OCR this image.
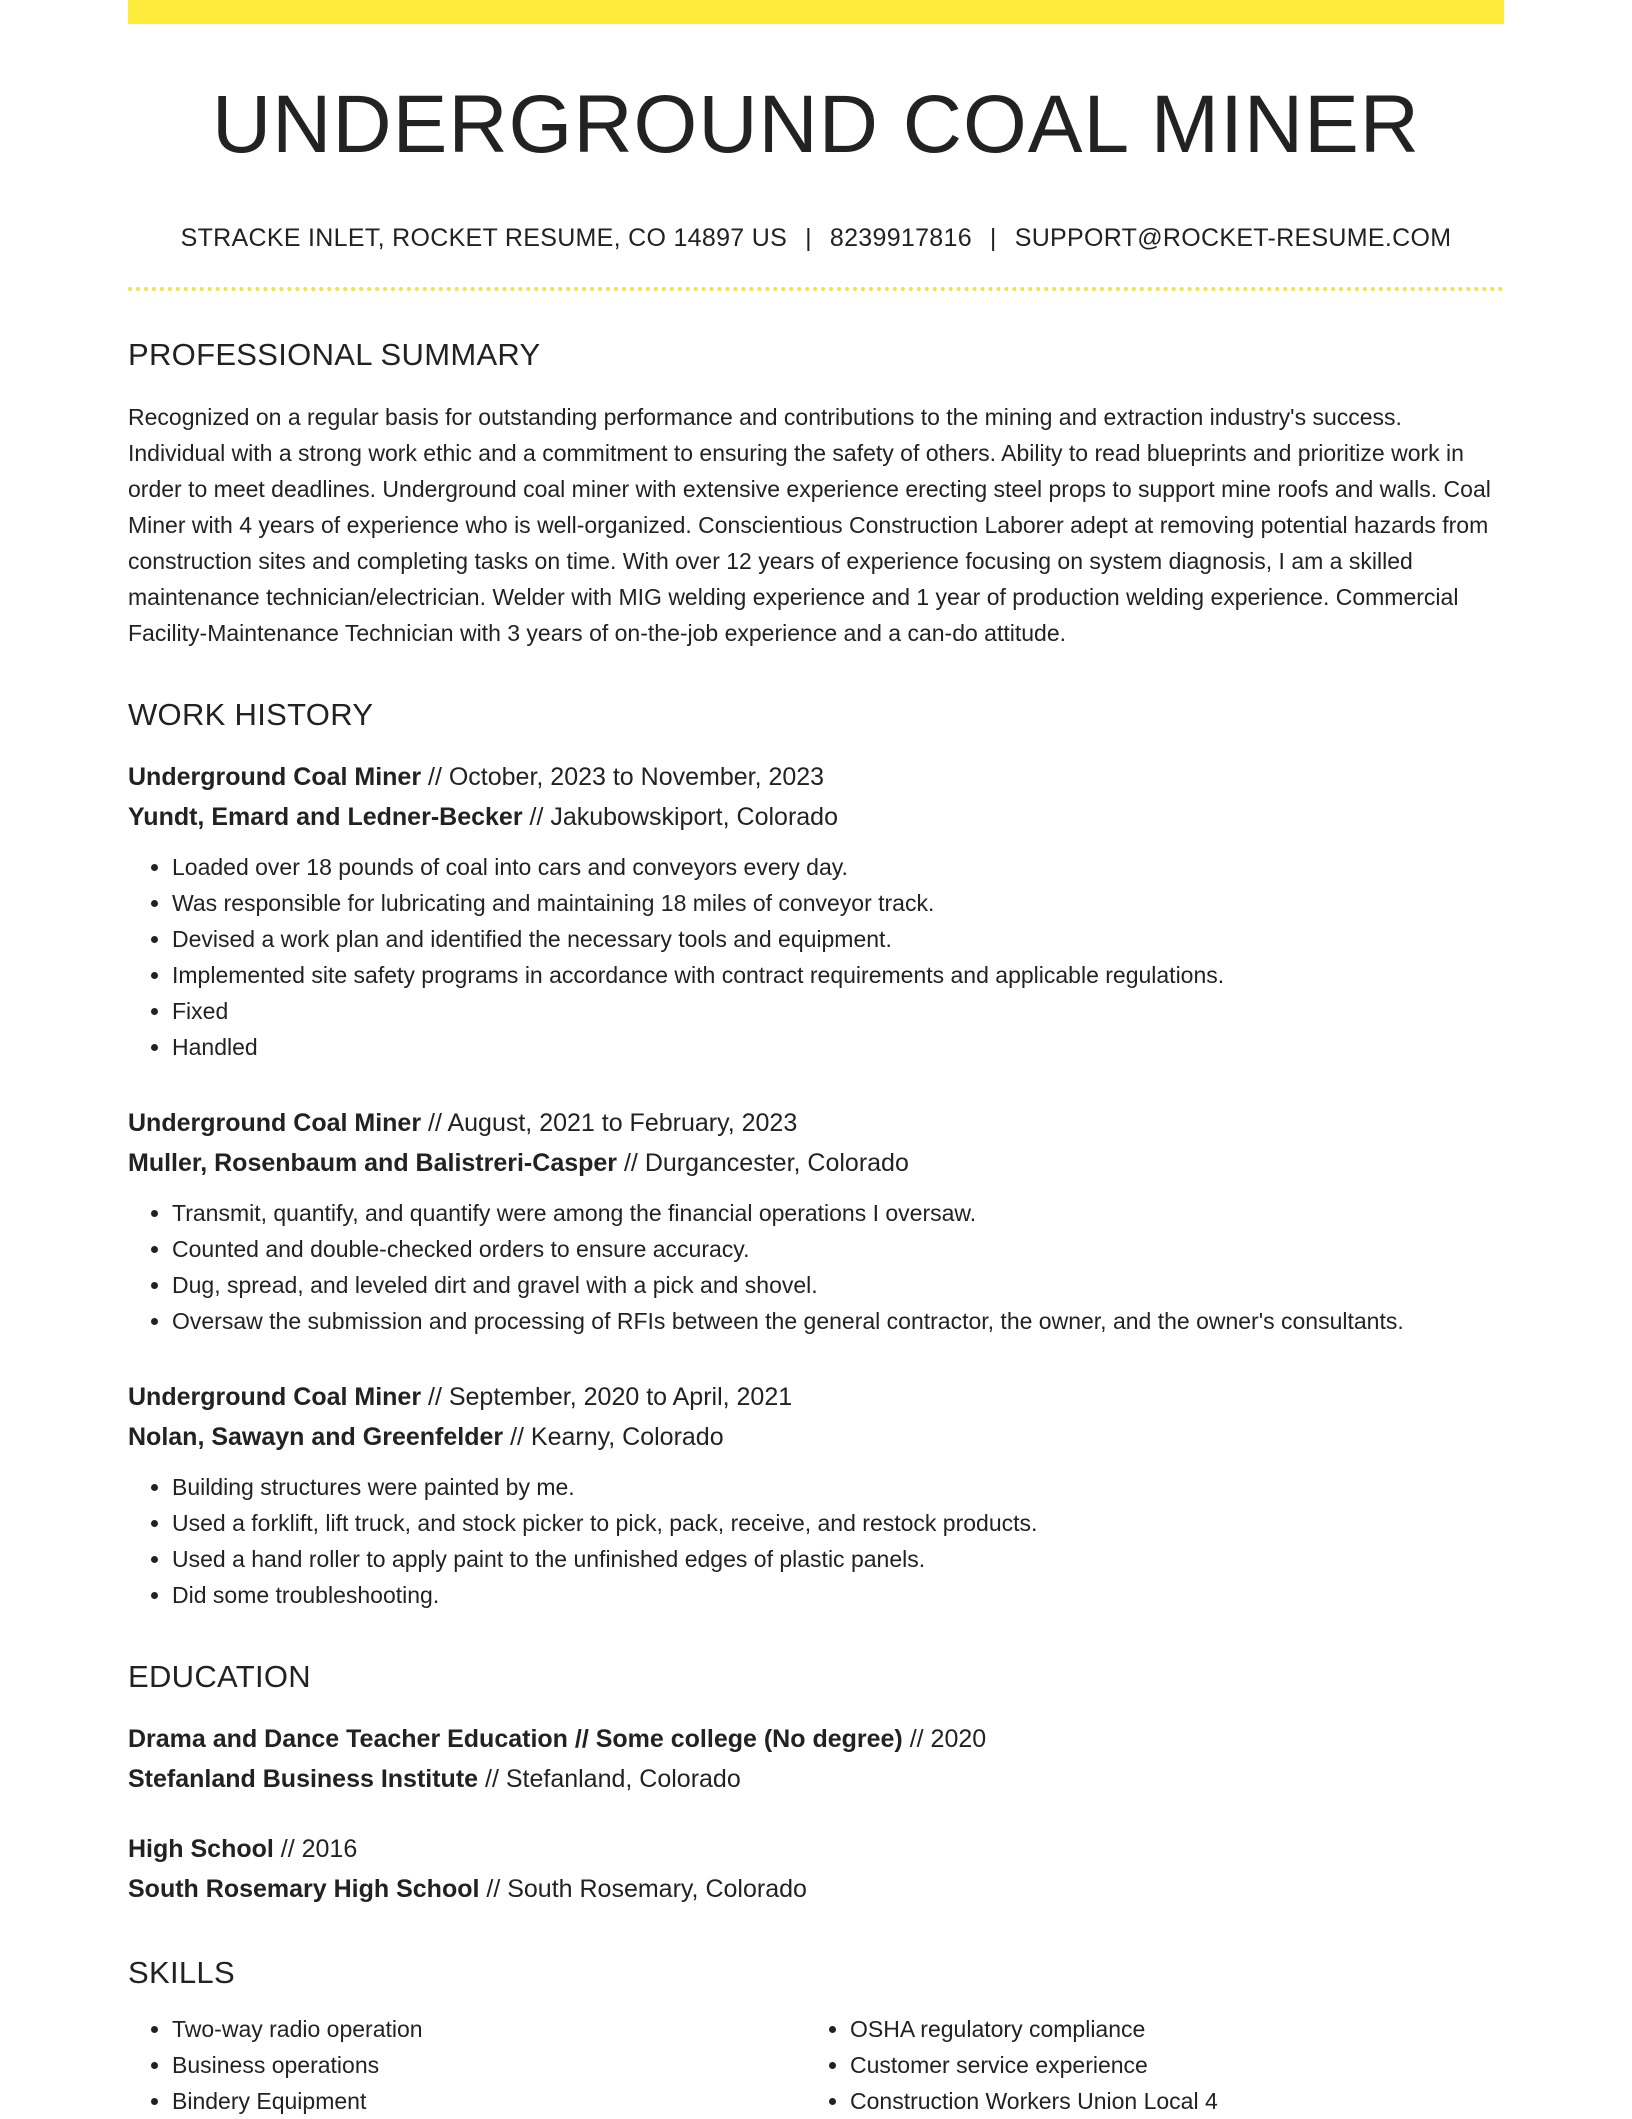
UNDERGROUND COAL MINER
STRACKE INLET, ROCKET RESUME, CO 14897 US | 8239917816 | SUPPORT@ROCKET-RESUME.COM
PROFESSIONAL SUMMARY
Recognized on a regular basis for outstanding performance and contributions to the mining and extraction industry's success. Individual with a strong work ethic and a commitment to ensuring the safety of others. Ability to read blueprints and prioritize work in order to meet deadlines. Underground coal miner with extensive experience erecting steel props to support mine roofs and walls. Coal Miner with 4 years of experience who is well-organized. Conscientious Construction Laborer adept at removing potential hazards from construction sites and completing tasks on time. With over 12 years of experience focusing on system diagnosis, I am a skilled maintenance technician/electrician. Welder with MIG welding experience and 1 year of production welding experience. Commercial Facility-Maintenance Technician with 3 years of on-the-job experience and a can-do attitude.
WORK HISTORY
Underground Coal Miner // October, 2023 to November, 2023
Yundt, Emard and Ledner-Becker // Jakubowskiport, Colorado
• Loaded over 18 pounds of coal into cars and conveyors every day.
• Was responsible for lubricating and maintaining 18 miles of conveyor track.
• Devised a work plan and identified the necessary tools and equipment.
• Implemented site safety programs in accordance with contract requirements and applicable regulations.
• Fixed
• Handled
Underground Coal Miner // August, 2021 to February, 2023
Muller, Rosenbaum and Balistreri-Casper // Durgancester, Colorado
• Transmit, quantify, and quantify were among the financial operations I oversaw.
• Counted and double-checked orders to ensure accuracy.
• Dug, spread, and leveled dirt and gravel with a pick and shovel.
• Oversaw the submission and processing of RFIs between the general contractor, the owner, and the owner's consultants.
Underground Coal Miner // September, 2020 to April, 2021
Nolan, Sawayn and Greenfelder // Kearny, Colorado
• Building structures were painted by me.
• Used a forklift, lift truck, and stock picker to pick, pack, receive, and restock products.
• Used a hand roller to apply paint to the unfinished edges of plastic panels.
• Did some troubleshooting.
EDUCATION
Drama and Dance Teacher Education // Some college (No degree) // 2020
Stefanland Business Institute // Stefanland, Colorado
High School // 2016
South Rosemary High School // South Rosemary, Colorado
SKILLS
• Two-way radio operation
• Business operations
• Bindery Equipment
• OSHA regulatory compliance
• Customer service experience
• Construction Workers Union Local 4
